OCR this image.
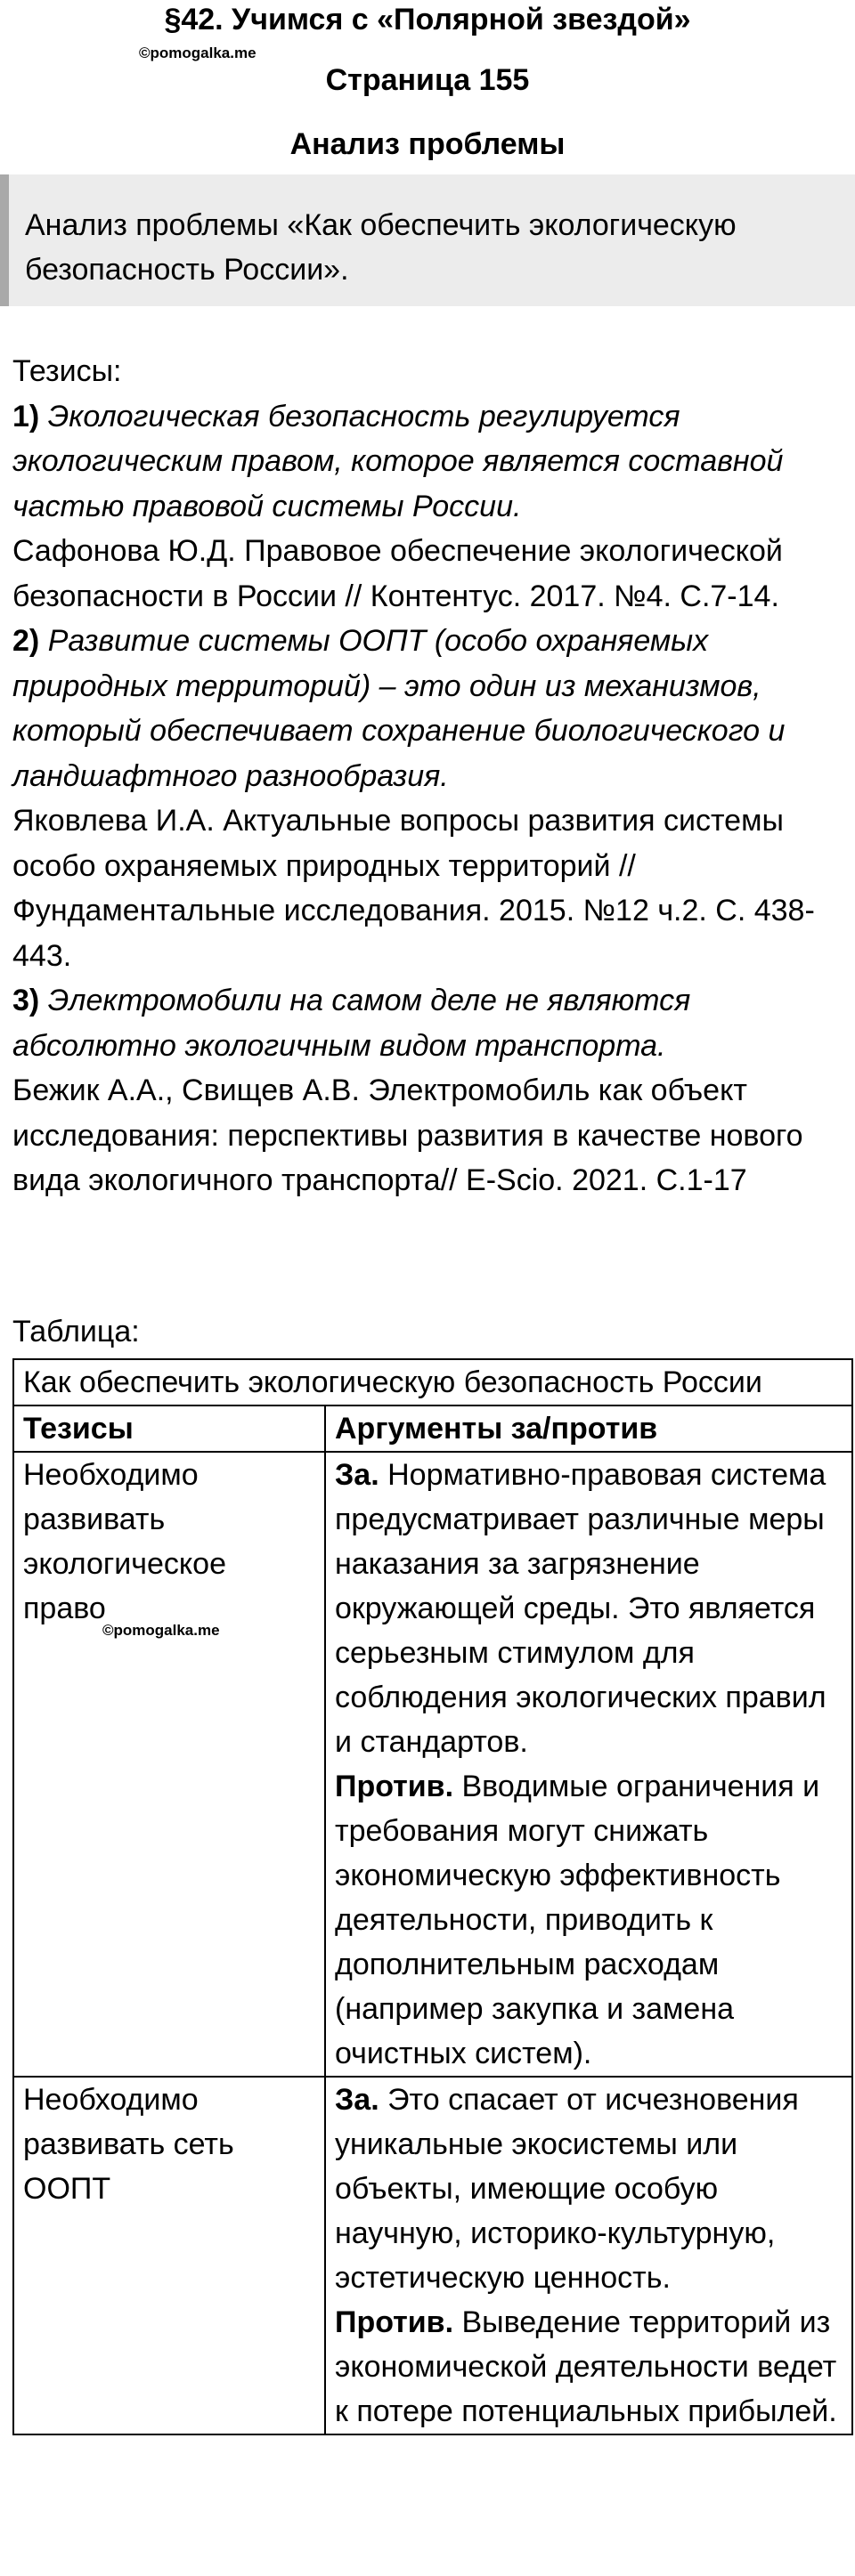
§42. Учимся с «Полярной звездой»
©pomogalka.me
Страница 155
Анализ проблемы
Анализ проблемы «Как обеспечить экологическую безопасность России».

Тезисы:

1) Экологическая безопасность регулируется экологическим правом, которое является составной частью правовой системы России.

Сафонова Ю.Д. Правовое обеспечение экологической безопасности в России // Контентус. 2017. №4. С.7-14.

2) Развитие системы ООПТ (особо охраняемых природных территорий) – это один из механизмов, который обеспечивает сохранение биологического и ландшафтного разнообразия.

Яковлева И.А. Актуальные вопросы развития системы особо охраняемых природных территорий // Фундаментальные исследования. 2015. №12 ч.2. С. 438-443.

3) Электромобили на самом деле не являются абсолютно экологичным видом транспорта.

Бежик А.А., Свищев А.В. Электромобиль как объект исследования: перспективы развития в качестве нового вида экологичного транспорта// E-Scio. 2021. С.1-17

Таблица:
Как обеспечить экологическую безопасность России	
Тезисы	Аргументы за/против
Необходимо развивать экологическое право	За. Нормативно-правовая система предусматривает различные меры наказания за загрязнение окружающей среды. Это является серьезным стимулом для соблюдения экологических правил и стандартов.
Против. Вводимые ограничения и требования могут снижать экономическую эффективность деятельности, приводить к дополнительным расходам (например закупка и замена очистных систем).
Необходимо развивать сеть ООПТ	За. Это спасает от исчезновения уникальные экосистемы или объекты, имеющие особую научную, историко-культурную, эстетическую ценность.
Против. Выведение территорий из экономической деятельности ведет к потере потенциальных прибылей.
©pomogalka.me
